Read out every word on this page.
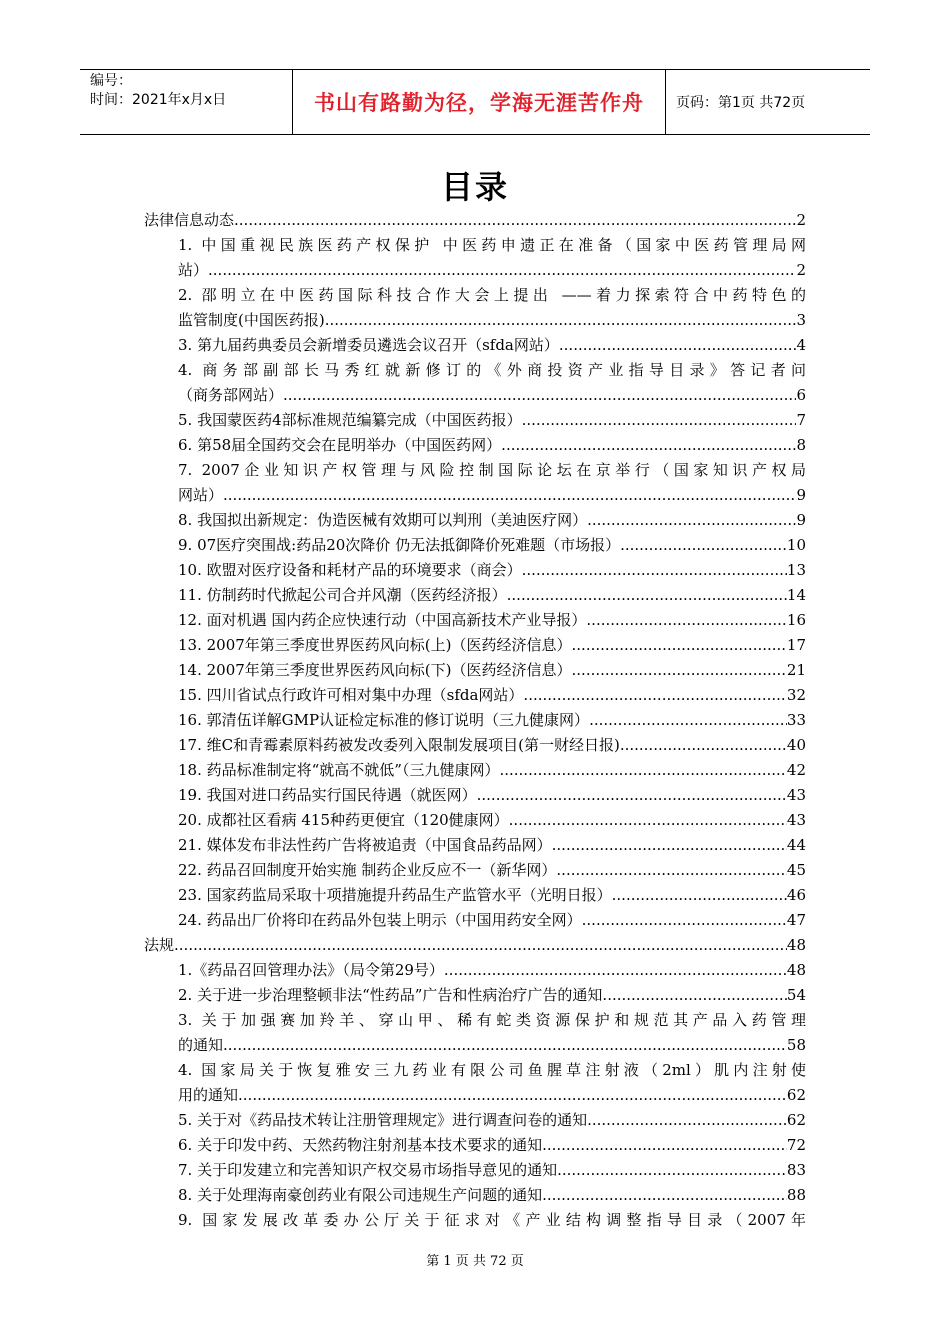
编号：
时间：2021年x月x日	书山有路勤为径，学海无涯苦作舟	页码：第1页 共72页
目录
法律信息动态 .....	2
1. 中国重视民族医药产权保护 中医药申遗正在准备（国家中医药管理局网
站） .....	2
2. 邵明立在中医药国际科技合作大会上提出 ——着力探索符合中药特色的
监管制度(中国医药报) .....	3
3. 第九届药典委员会新增委员遴选会议召开（sfda网站） .....	4
4. 商务部副部长马秀红就新修订的《外商投资产业指导目录》答记者问
（商务部网站） .....	6
5. 我国蒙医药4部标准规范编纂完成（中国医药报） .....	7
6. 第58届全国药交会在昆明举办（中国医药网） .....	8
7. 2007企业知识产权管理与风险控制国际论坛在京举行（国家知识产权局
网站） .....	9
8. 我国拟出新规定：伪造医械有效期可以判刑（美迪医疗网） .....	9
9. 07医疗突围战:药品20次降价 仍无法抵御降价死难题（市场报） .....	10
10. 欧盟对医疗设备和耗材产品的环境要求（商会） .....	13
11. 仿制药时代掀起公司合并风潮（医药经济报） .....	14
12. 面对机遇 国内药企应快速行动（中国高新技术产业导报） .....	16
13. 2007年第三季度世界医药风向标(上)（医药经济信息） .....	17
14. 2007年第三季度世界医药风向标(下)（医药经济信息） .....	21
15. 四川省试点行政许可相对集中办理（sfda网站） .....	32
16. 郭清伍详解GMP认证检定标准的修订说明（三九健康网） .....	33
17. 维C和青霉素原料药被发改委列入限制发展项目(第一财经日报) .....	40
18. 药品标准制定将“就高不就低”（三九健康网） .....	42
19. 我国对进口药品实行国民待遇（就医网） .....	43
20. 成都社区看病 415种药更便宜（120健康网） .....	43
21. 媒体发布非法性药广告将被追责（中国食品药品网） .....	44
22. 药品召回制度开始实施 制药企业反应不一（新华网） .....	45
23. 国家药监局采取十项措施提升药品生产监管水平（光明日报） .....	46
24. 药品出厂价将印在药品外包装上明示（中国用药安全网） .....	47
法规 .....	48
1.《药品召回管理办法》（局令第29号） .....	48
2. 关于进一步治理整顿非法“性药品”广告和性病治疗广告的通知 .....	54
3. 关于加强赛加羚羊、穿山甲、稀有蛇类资源保护和规范其产品入药管理
的通知 .....	58
4. 国家局关于恢复雅安三九药业有限公司鱼腥草注射液（2ml）肌内注射使
用的通知 .....	62
5. 关于对《药品技术转让注册管理规定》进行调查问卷的通知 .....	62
6. 关于印发中药、天然药物注射剂基本技术要求的通知 .....	72
7. 关于印发建立和完善知识产权交易市场指导意见的通知 .....	83
8. 关于处理海南豪创药业有限公司违规生产问题的通知 .....	88
9. 国家发展改革委办公厅关于征求对《产业结构调整指导目录（2007年
第 1 页 共 72 页
